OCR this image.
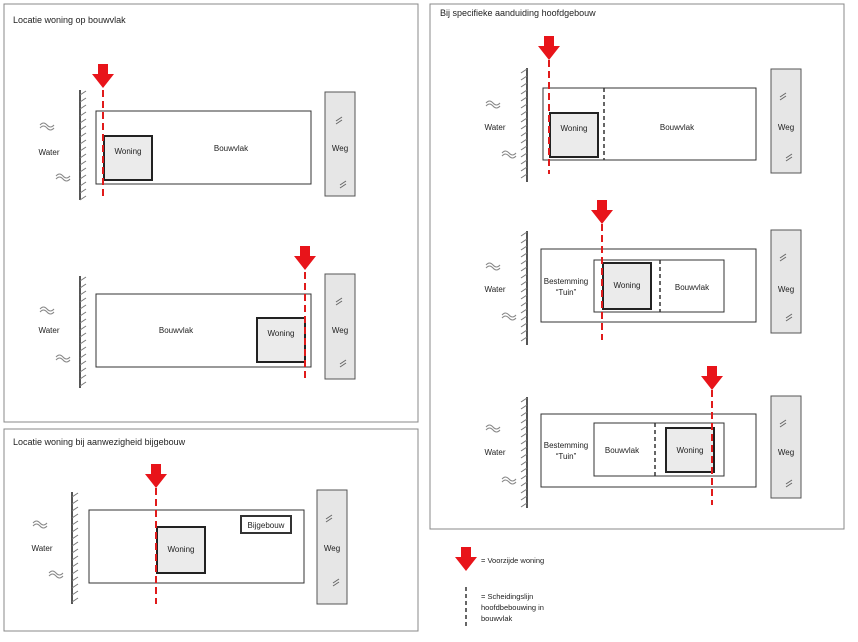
Locatie woning op bouwvlak
Water	Bouwvlak
Woning	Weg
Water	Bouwvlak	Woning	Weg
Locatie woning bij aanwezigheid bijgebouw
Water
Bijgebouw
Woning	Weg
Bij specifieke aanduiding hoofdgebouw
Water	Bouwvlak
Woning	Weg
Water
Bestemming
“Tuin”
Bouwvlak
Woning	Weg
Water
Bestemming
“Tuin”
Bouwvlak	Woning	Weg
= Voorzijde woning
= Scheidingslijn
hoofdbebouwing in
bouwvlak
